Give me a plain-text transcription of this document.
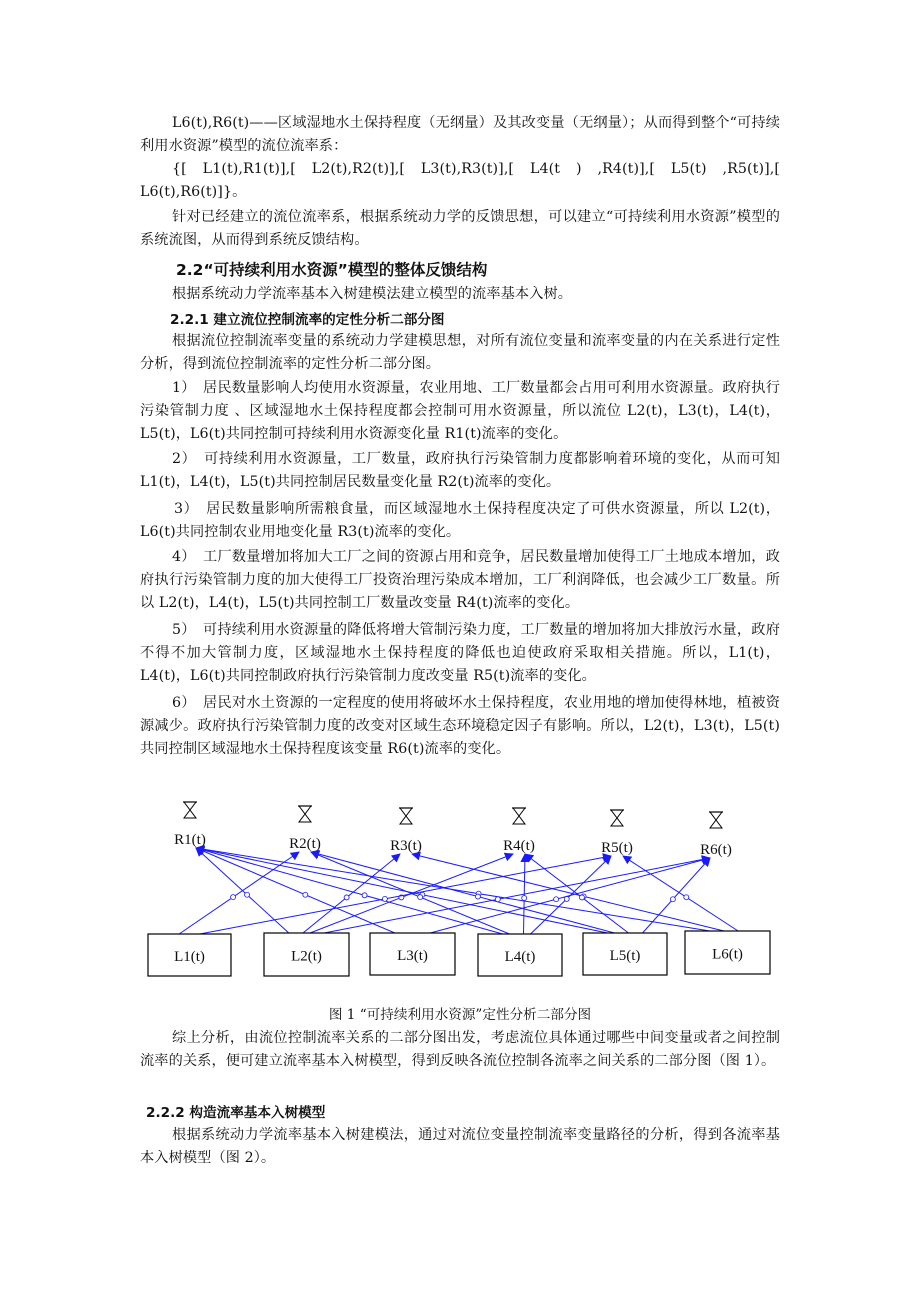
L6(t),R6(t)——区域湿地水土保持程度（无纲量）及其改变量（无纲量）；从而得到整个“可持续利用水资源”模型的流位流率系：

{[ L1(t),R1(t)],[ L2(t),R2(t)],[ L3(t),R3(t)],[ L4(t ) ,R4(t)],[ L5(t) ,R5(t)],[ L6(t),R6(t)]}。

针对已经建立的流位流率系，根据系统动力学的反馈思想，可以建立“可持续利用水资源”模型的系统流图，从而得到系统反馈结构。

2.2“可持续利用水资源”模型的整体反馈结构

根据系统动力学流率基本入树建模法建立模型的流率基本入树。

2.2.1 建立流位控制流率的定性分析二部分图

根据流位控制流率变量的系统动力学建模思想，对所有流位变量和流率变量的内在关系进行定性分析，得到流位控制流率的定性分析二部分图。

1）　居民数量影响人均使用水资源量，农业用地、工厂数量都会占用可利用水资源量。政府执行污染管制力度 、区域湿地水土保持程度都会控制可用水资源量，所以流位 L2(t)，L3(t)，L4(t)，L5(t)，L6(t)共同控制可持续利用水资源变化量 R1(t)流率的变化。

2）　可持续利用水资源量，工厂数量，政府执行污染管制力度都影响着环境的变化，从而可知 L1(t)，L4(t)，L5(t)共同控制居民数量变化量 R2(t)流率的变化。

3）　居民数量影响所需粮食量，而区域湿地水土保持程度决定了可供水资源量，所以 L2(t)，L6(t)共同控制农业用地变化量 R3(t)流率的变化。

4）　工厂数量增加将加大工厂之间的资源占用和竞争，居民数量增加使得工厂土地成本增加，政府执行污染管制力度的加大使得工厂投资治理污染成本增加，工厂利润降低，也会减少工厂数量。所以 L2(t)，L4(t)，L5(t)共同控制工厂数量改变量 R4(t)流率的变化。

5）　可持续利用水资源量的降低将增大管制污染力度，工厂数量的增加将加大排放污水量，政府不得不加大管制力度，区域湿地水土保持程度的降低也迫使政府采取相关措施。所以，L1(t)，L4(t)，L6(t)共同控制政府执行污染管制力度改变量 R5(t)流率的变化。

6）　居民对水土资源的一定程度的使用将破坏水土保持程度，农业用地的增加使得林地，植被资源减少。政府执行污染管制力度的改变对区域生态环境稳定因子有影响。所以，L2(t)，L3(t)，L5(t)共同控制区域湿地水土保持程度该变量 R6(t)流率的变化。

R1(t)	R2(t)	R3(t)	R4(t)	R5(t)	R6(t)
L1(t)	L2(t)	L3(t)	L4(t)	L5(t)	L6(t)

图 1 “可持续利用水资源”定性分析二部分图

综上分析，由流位控制流率关系的二部分图出发，考虑流位具体通过哪些中间变量或者之间控制流率的关系，便可建立流率基本入树模型，得到反映各流位控制各流率之间关系的二部分图（图 1）。

2.2.2 构造流率基本入树模型

根据系统动力学流率基本入树建模法，通过对流位变量控制流率变量路径的分析，得到各流率基本入树模型（图 2）。
